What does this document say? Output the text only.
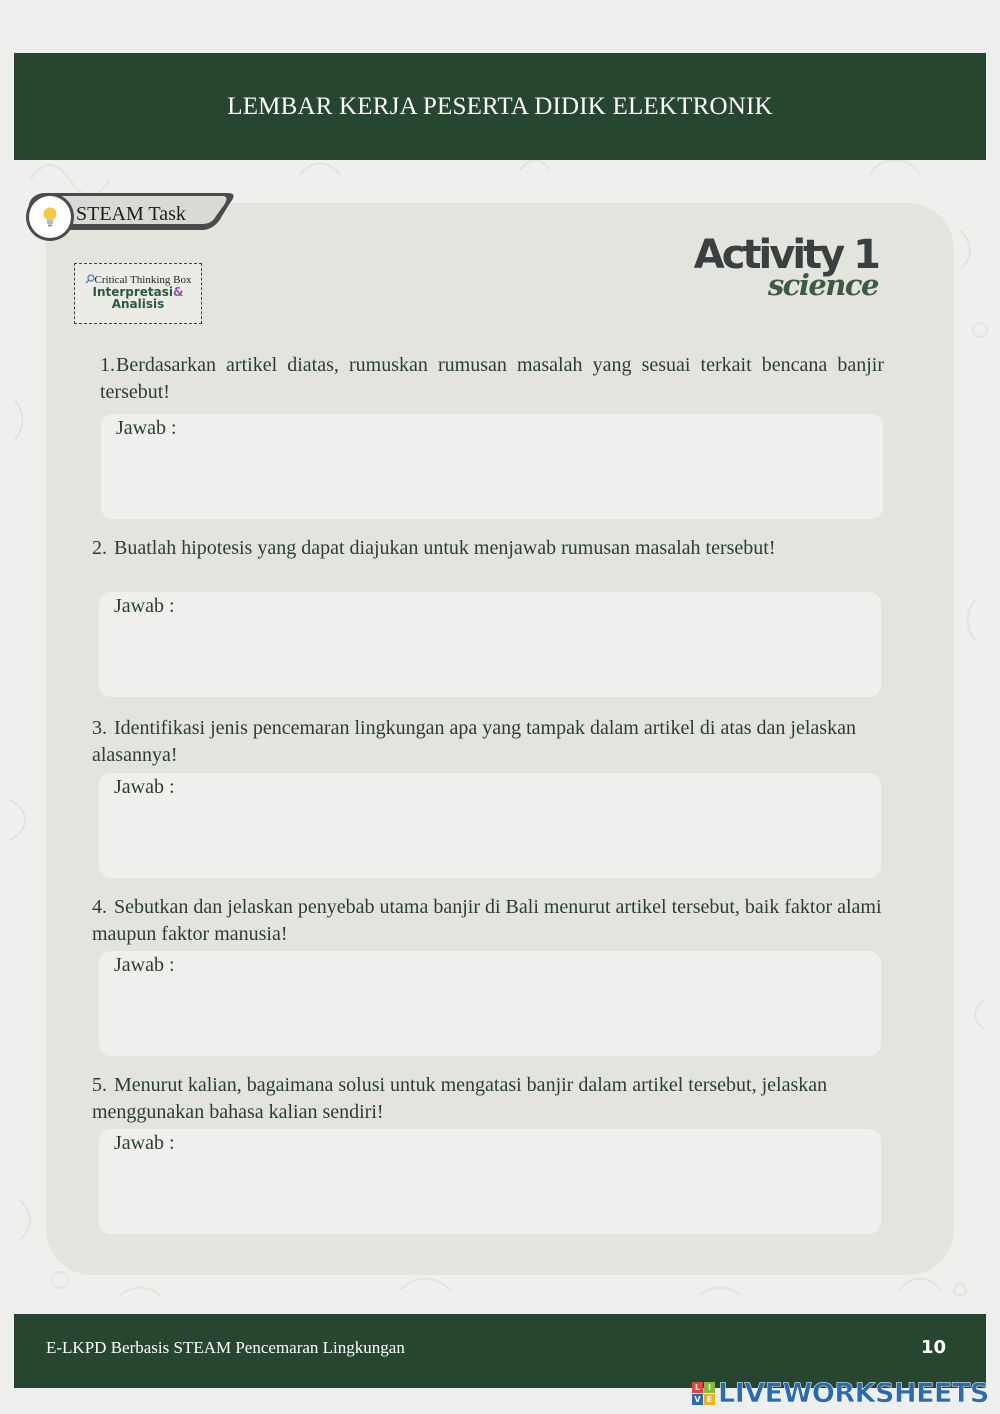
LEMBAR KERJA PESERTA DIDIK ELEKTRONIK
STEAM Task
Critical Thinking Box
Interpretasi&
Analisis
Activity 1
science
1.Berdasarkan artikel diatas, rumuskan rumusan masalah yang sesuai terkait bencana banjir tersebut!
Jawab :
2. Buatlah hipotesis yang dapat diajukan untuk menjawab rumusan masalah tersebut!
Jawab :
3. Identifikasi jenis pencemaran lingkungan apa yang tampak dalam artikel di atas dan jelaskan alasannya!
Jawab :
4. Sebutkan dan jelaskan penyebab utama banjir di Bali menurut artikel tersebut, baik faktor alami maupun faktor manusia!
Jawab :
5. Menurut kalian, bagaimana solusi untuk mengatasi banjir dalam artikel tersebut, jelaskan menggunakan bahasa kalian sendiri!
Jawab :
E-LKPD Berbasis STEAM Pencemaran Lingkungan	10
L I
V E LIVEWORKSHEETS
